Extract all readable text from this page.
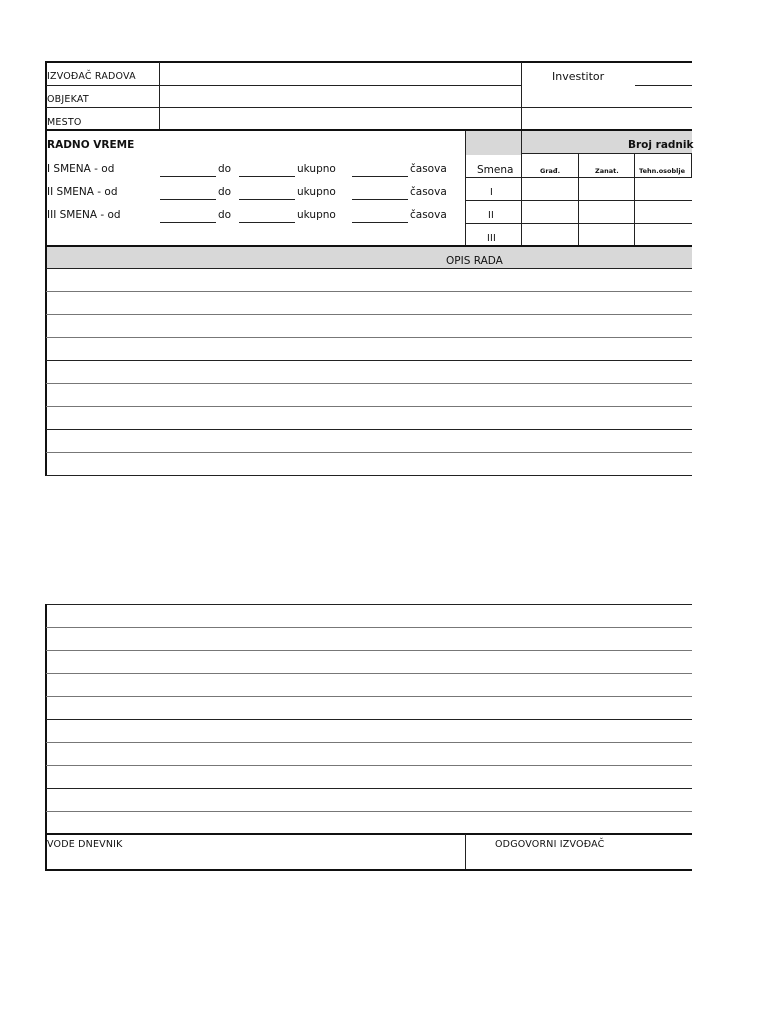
IZVOĐAČ RADOVA
OBJEKAT
MESTO
Investitor
RADNO VREME
Smena
Broj radnik
Građ.	Zanat.	Tehn.osoblje
I
II
III
I SMENA - od	do	ukupno	časova
II SMENA - od	do	ukupno	časova
III SMENA - od	do	ukupno	časova
OPIS RADA
VODE DNEVNIK	ODGOVORNI IZVOĐAČ
